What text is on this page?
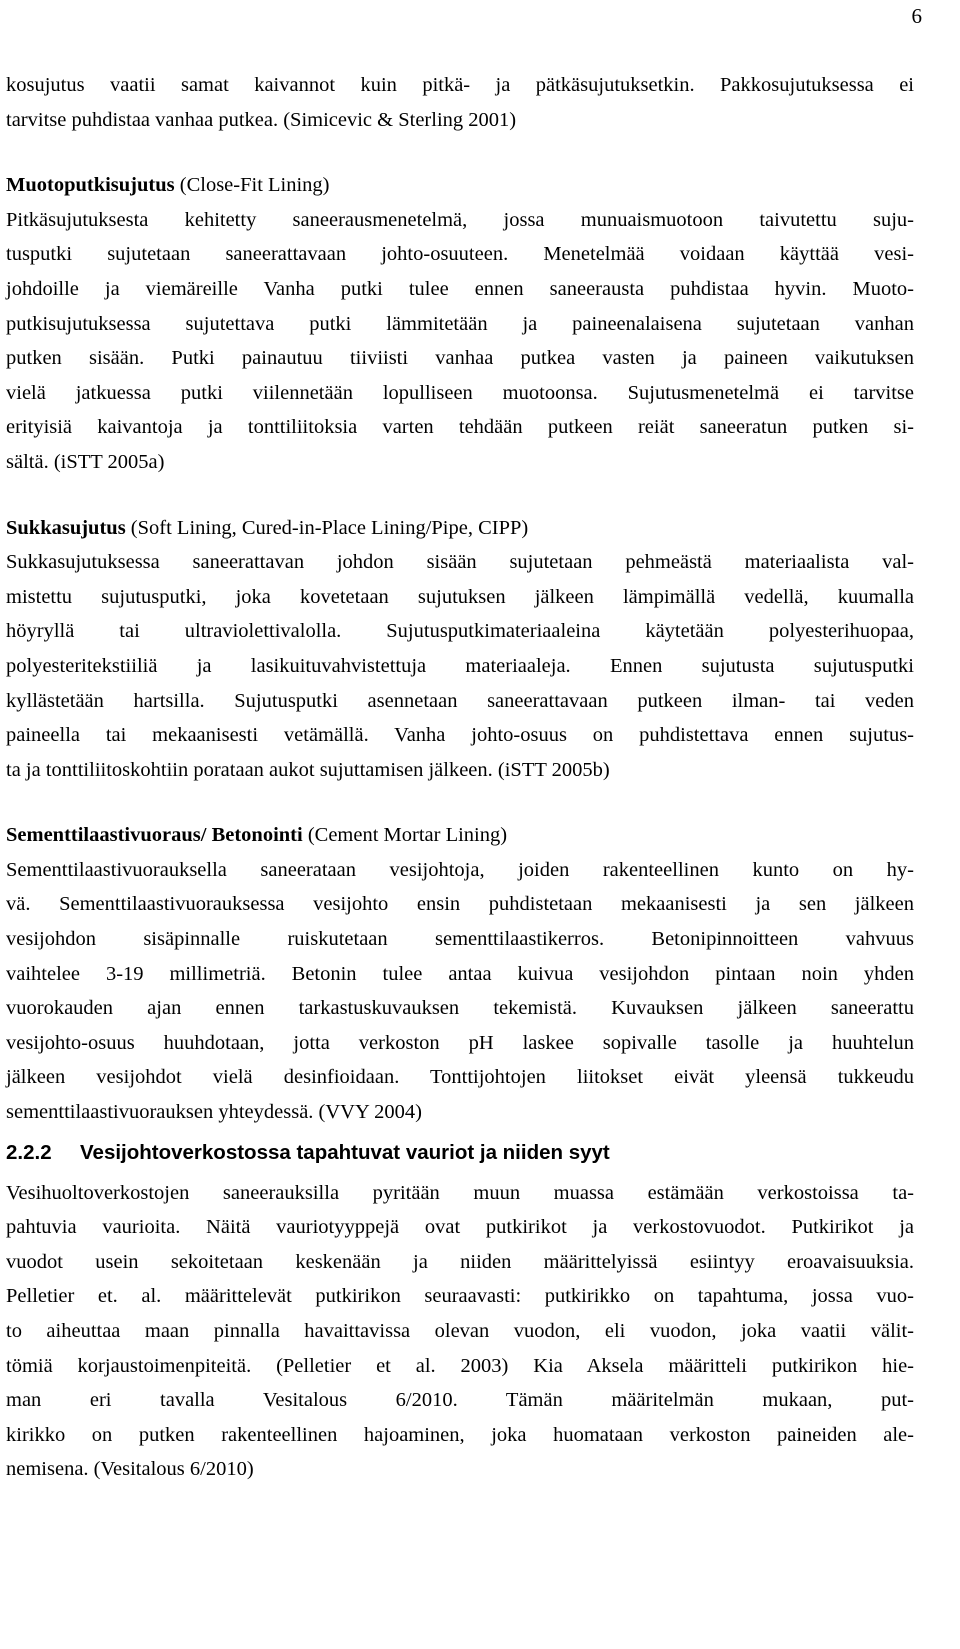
6
kosujutus vaatii samat kaivannot kuin pitkä- ja pätkäsujutuksetkin. Pakkosujutuksessa ei
tarvitse puhdistaa vanhaa putkea. (Simicevic & Sterling 2001)
Muotoputkisujutus (Close-Fit Lining)
Pitkäsujutuksesta kehitetty saneerausmenetelmä, jossa munuaismuotoon taivutettu suju-
tusputki sujutetaan saneerattavaan johto-osuuteen. Menetelmää voidaan käyttää vesi-
johdoille ja viemäreille Vanha putki tulee ennen saneerausta puhdistaa hyvin. Muoto-
putkisujutuksessa sujutettava putki lämmitetään ja paineenalaisena sujutetaan vanhan
putken sisään. Putki painautuu tiiviisti vanhaa putkea vasten ja paineen vaikutuksen
vielä jatkuessa putki viilennetään lopulliseen muotoonsa. Sujutusmenetelmä ei tarvitse
erityisiä kaivantoja ja tonttiliitoksia varten tehdään putkeen reiät saneeratun putken si-
sältä. (iSTT 2005a)
Sukkasujutus (Soft Lining, Cured-in-Place Lining/Pipe, CIPP)
Sukkasujutuksessa saneerattavan johdon sisään sujutetaan pehmeästä materiaalista val-
mistettu sujutusputki, joka kovetetaan sujutuksen jälkeen lämpimällä vedellä, kuumalla
höyryllä tai ultraviolettivalolla. Sujutusputkimateriaaleina käytetään polyesterihuopaa,
polyesteritekstiiliä ja lasikuituvahvistettuja materiaaleja. Ennen sujutusta sujutusputki
kyllästetään hartsilla. Sujutusputki asennetaan saneerattavaan putkeen ilman- tai veden
paineella tai mekaanisesti vetämällä. Vanha johto-osuus on puhdistettava ennen sujutus-
ta ja tonttiliitoskohtiin porataan aukot sujuttamisen jälkeen. (iSTT 2005b)
Sementtilaastivuoraus/ Betonointi (Cement Mortar Lining)
Sementtilaastivuorauksella saneerataan vesijohtoja, joiden rakenteellinen kunto on hy-
vä. Sementtilaastivuorauksessa vesijohto ensin puhdistetaan mekaanisesti ja sen jälkeen
vesijohdon sisäpinnalle ruiskutetaan sementtilaastikerros. Betonipinnoitteen vahvuus
vaihtelee 3-19 millimetriä. Betonin tulee antaa kuivua vesijohdon pintaan noin yhden
vuorokauden ajan ennen tarkastuskuvauksen tekemistä. Kuvauksen jälkeen saneerattu
vesijohto-osuus huuhdotaan, jotta verkoston pH laskee sopivalle tasolle ja huuhtelun
jälkeen vesijohdot vielä desinfioidaan. Tonttijohtojen liitokset eivät yleensä tukkeudu
sementtilaastivuorauksen yhteydessä. (VVY 2004)
2.2.2 Vesijohtoverkostossa tapahtuvat vauriot ja niiden syyt
Vesihuoltoverkostojen saneerauksilla pyritään muun muassa estämään verkostoissa ta-
pahtuvia vaurioita. Näitä vauriotyyppejä ovat putkirikot ja verkostovuodot. Putkirikot ja
vuodot usein sekoitetaan keskenään ja niiden määrittelyissä esiintyy eroavaisuuksia.
Pelletier et. al. määrittelevät putkirikon seuraavasti: putkirikko on tapahtuma, jossa vuo-
to aiheuttaa maan pinnalla havaittavissa olevan vuodon, eli vuodon, joka vaatii välit-
tömiä korjaustoimenpiteitä. (Pelletier et al. 2003) Kia Aksela määritteli putkirikon hie-
man eri tavalla Vesitalous 6/2010. Tämän määritelmän mukaan, put-
kirikko on putken rakenteellinen hajoaminen, joka huomataan verkoston paineiden ale-
nemisena. (Vesitalous 6/2010)
